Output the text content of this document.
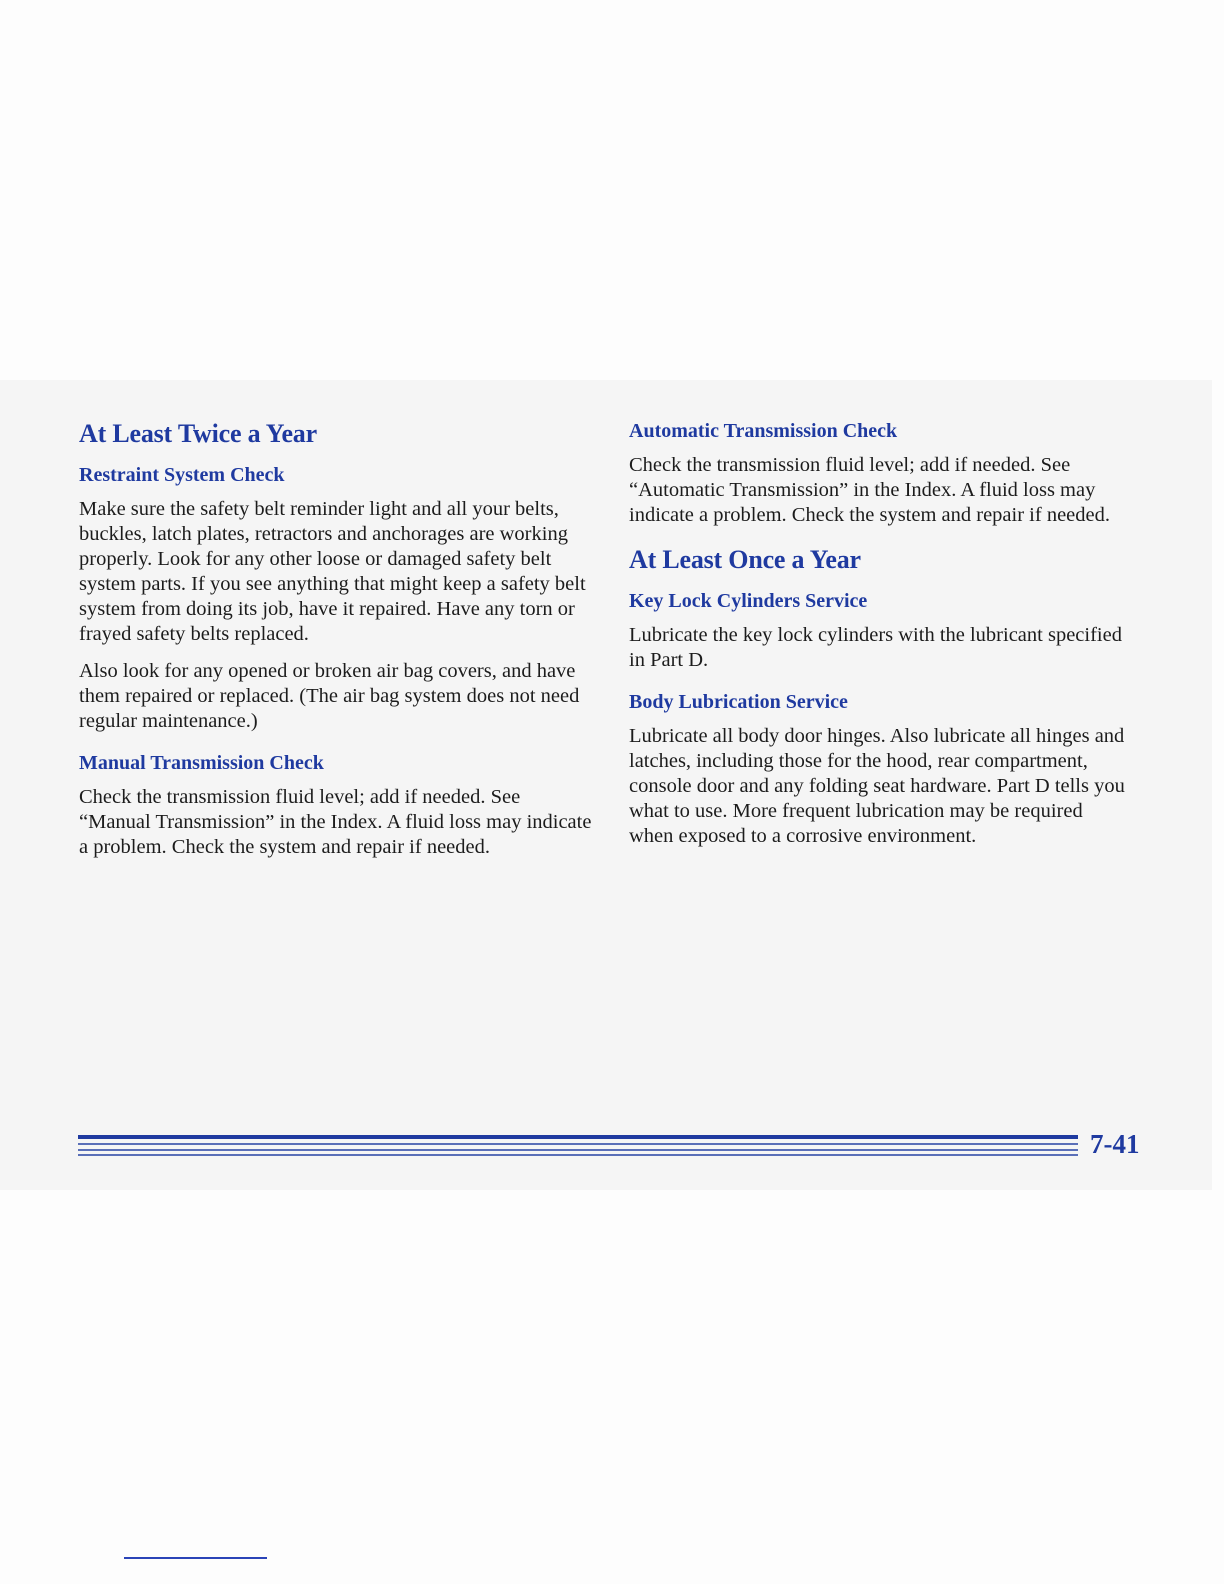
At Least Twice a Year
Restraint System Check

Make sure the safety belt reminder light and all your belts, buckles, latch plates, retractors and anchorages are working properly. Look for any other loose or damaged safety belt system parts. If you see anything that might keep a safety belt system from doing its job, have it repaired. Have any torn or frayed safety belts replaced.

Also look for any opened or broken air bag covers, and have them repaired or replaced. (The air bag system does not need regular maintenance.)

Manual Transmission Check

Check the transmission fluid level; add if needed. See “Manual Transmission” in the Index. A fluid loss may indicate a problem. Check the system and repair if needed.

Automatic Transmission Check

Check the transmission fluid level; add if needed. See “Automatic Transmission” in the Index. A fluid loss may indicate a problem. Check the system and repair if needed.

At Least Once a Year
Key Lock Cylinders Service

Lubricate the key lock cylinders with the lubricant specified in Part D.

Body Lubrication Service

Lubricate all body door hinges. Also lubricate all hinges and latches, including those for the hood, rear compartment, console door and any folding seat hardware. Part D tells you what to use. More frequent lubrication may be required when exposed to a corrosive environment.

7-41
